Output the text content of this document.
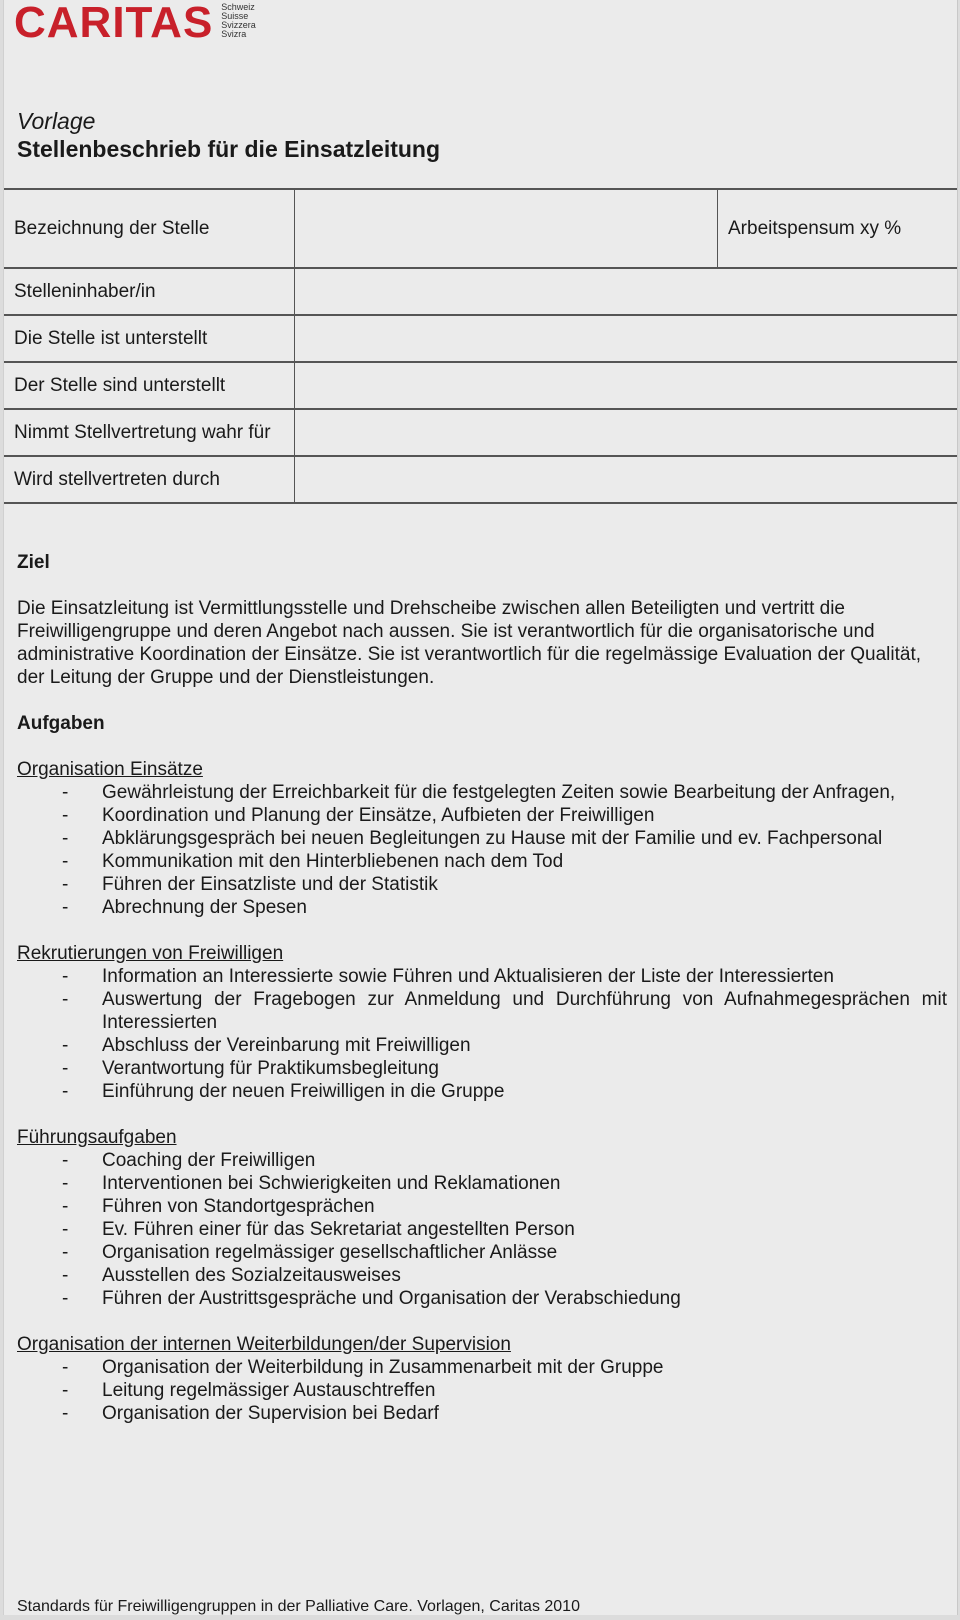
CARITAS Schweiz
Suisse
Svizzera
Svizra
Vorlage
Stellenbeschrieb für die Einsatzleitung
Bezeichnung der Stelle		Arbeitspensum xy %
Stelleninhaber/in		
Die Stelle ist unterstellt		
Der Stelle sind unterstellt		
Nimmt Stellvertretung wahr für		
Wird stellvertreten durch		
Ziel

Die Einsatzleitung ist Vermittlungsstelle und Drehscheibe zwischen allen Beteiligten und vertritt die Freiwilligengruppe und deren Angebot nach aussen. Sie ist verantwortlich für die organisatorische und administrative Koordination der Einsätze. Sie ist verantwortlich für die regelmässige Evaluation der Qualität, der Leitung der Gruppe und der Dienstleistungen.

Aufgaben
Organisation Einsätze
- Gewährleistung der Erreichbarkeit für die festgelegten Zeiten sowie Bearbeitung der Anfragen,
- Koordination und Planung der Einsätze, Aufbieten der Freiwilligen
- Abklärungsgespräch bei neuen Begleitungen zu Hause mit der Familie und ev. Fachpersonal
- Kommunikation mit den Hinterbliebenen nach dem Tod
- Führen der Einsatzliste und der Statistik
- Abrechnung der Spesen
Rekrutierungen von Freiwilligen
- Information an Interessierte sowie Führen und Aktualisieren der Liste der Interessierten
- Auswertung der Fragebogen zur Anmeldung und Durchführung von Aufnahmegesprächen mit Interessierten
- Abschluss der Vereinbarung mit Freiwilligen
- Verantwortung für Praktikumsbegleitung
- Einführung der neuen Freiwilligen in die Gruppe
Führungsaufgaben
- Coaching der Freiwilligen
- Interventionen bei Schwierigkeiten und Reklamationen
- Führen von Standortgesprächen
- Ev. Führen einer für das Sekretariat angestellten Person
- Organisation regelmässiger gesellschaftlicher Anlässe
- Ausstellen des Sozialzeitausweises
- Führen der Austrittsgespräche und Organisation der Verabschiedung
Organisation der internen Weiterbildungen/der Supervision
- Organisation der Weiterbildung in Zusammenarbeit mit der Gruppe
- Leitung regelmässiger Austauschtreffen
- Organisation der Supervision bei Bedarf
Standards für Freiwilligengruppen in der Palliative Care. Vorlagen, Caritas 2010
